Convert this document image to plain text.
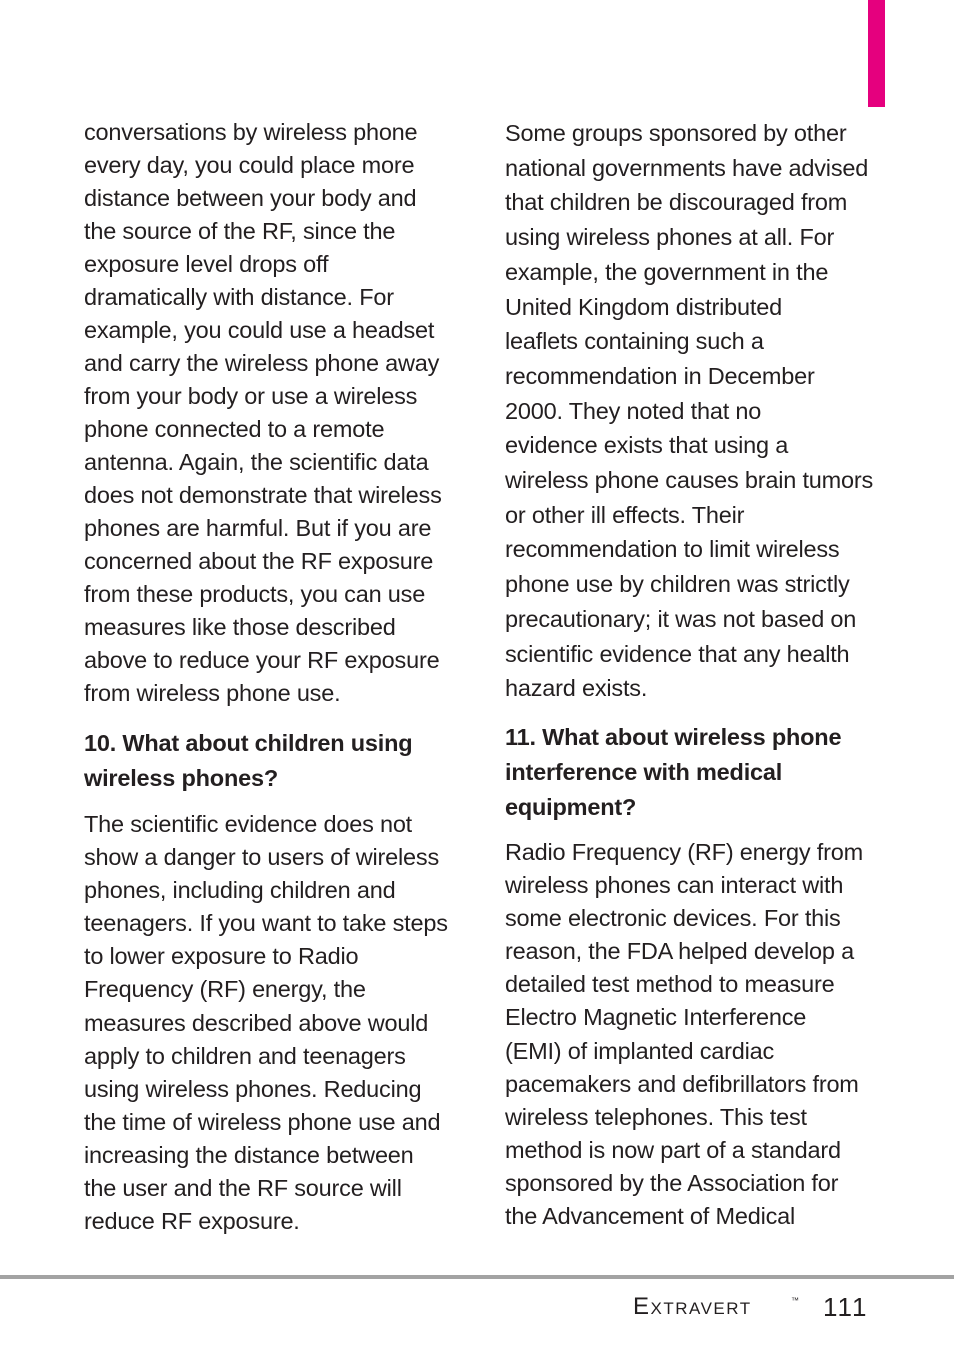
conversations by wireless phone
every day, you could place more
distance between your body and
the source of the RF, since the
exposure level drops off
dramatically with distance. For
example, you could use a headset
and carry the wireless phone away
from your body or use a wireless
phone connected to a remote
antenna. Again, the scientific data
does not demonstrate that wireless
phones are harmful. But if you are
concerned about the RF exposure
from these products, you can use
measures like those described
above to reduce your RF exposure
from wireless phone use.
10. What about children using
wireless phones?
The scientific evidence does not
show a danger to users of wireless
phones, including children and
teenagers. If you want to take steps
to lower exposure to Radio
Frequency (RF) energy, the
measures described above would
apply to children and teenagers
using wireless phones. Reducing
the time of wireless phone use and
increasing the distance between
the user and the RF source will
reduce RF exposure.
Some groups sponsored by other
national governments have advised
that children be discouraged from
using wireless phones at all. For
example, the government in the
United Kingdom distributed
leaflets containing such a
recommendation in December
2000. They noted that no
evidence exists that using a
wireless phone causes brain tumors
or other ill effects. Their
recommendation to limit wireless
phone use by children was strictly
precautionary; it was not based on
scientific evidence that any health
hazard exists.
11. What about wireless phone
interference with medical
equipment?
Radio Frequency (RF) energy from
wireless phones can interact with
some electronic devices. For this
reason, the FDA helped develop a
detailed test method to measure
Electro Magnetic Interference
(EMI) of implanted cardiac
pacemakers and defibrillators from
wireless telephones. This test
method is now part of a standard
sponsored by the Association for
the Advancement of Medical
Extravert	™ 111
